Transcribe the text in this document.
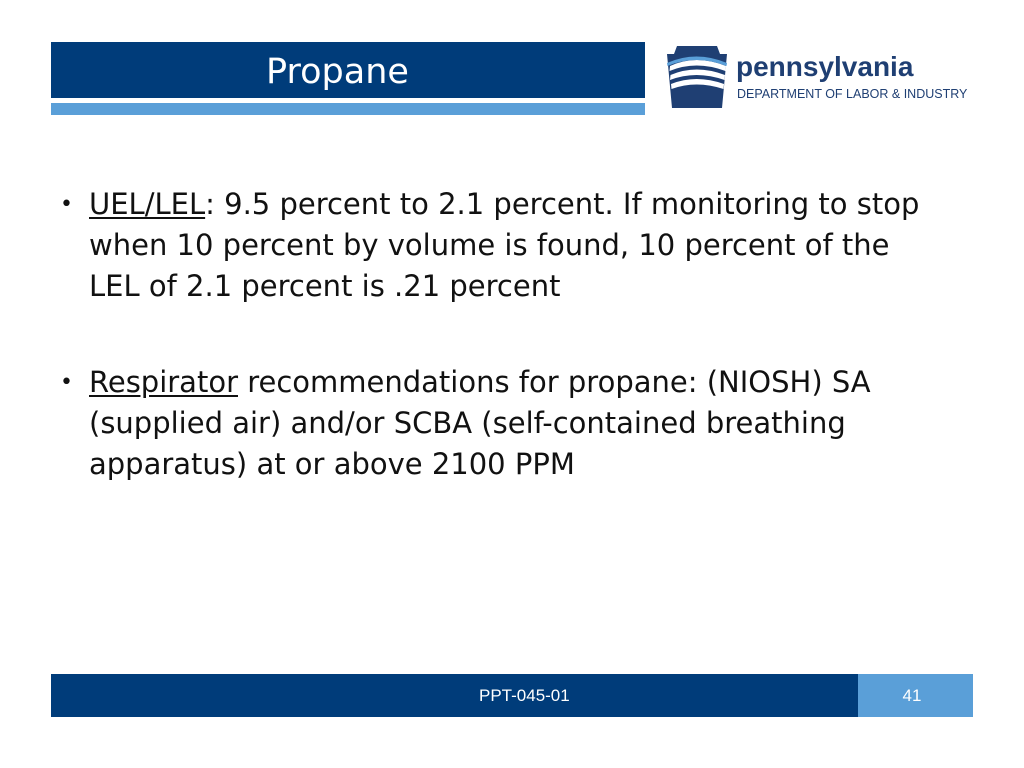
Propane	pennsylvania
DEPARTMENT OF LABOR & INDUSTRY
• UEL/LEL: 9.5 percent to 2.1 percent. If monitoring to stop when 10 percent by volume is found, 10 percent of the LEL of 2.1 percent is .21 percent
• Respirator recommendations for propane: (NIOSH) SA (supplied air) and/or SCBA (self-contained breathing apparatus) at or above 2100 PPM
PPT-045-01	41
